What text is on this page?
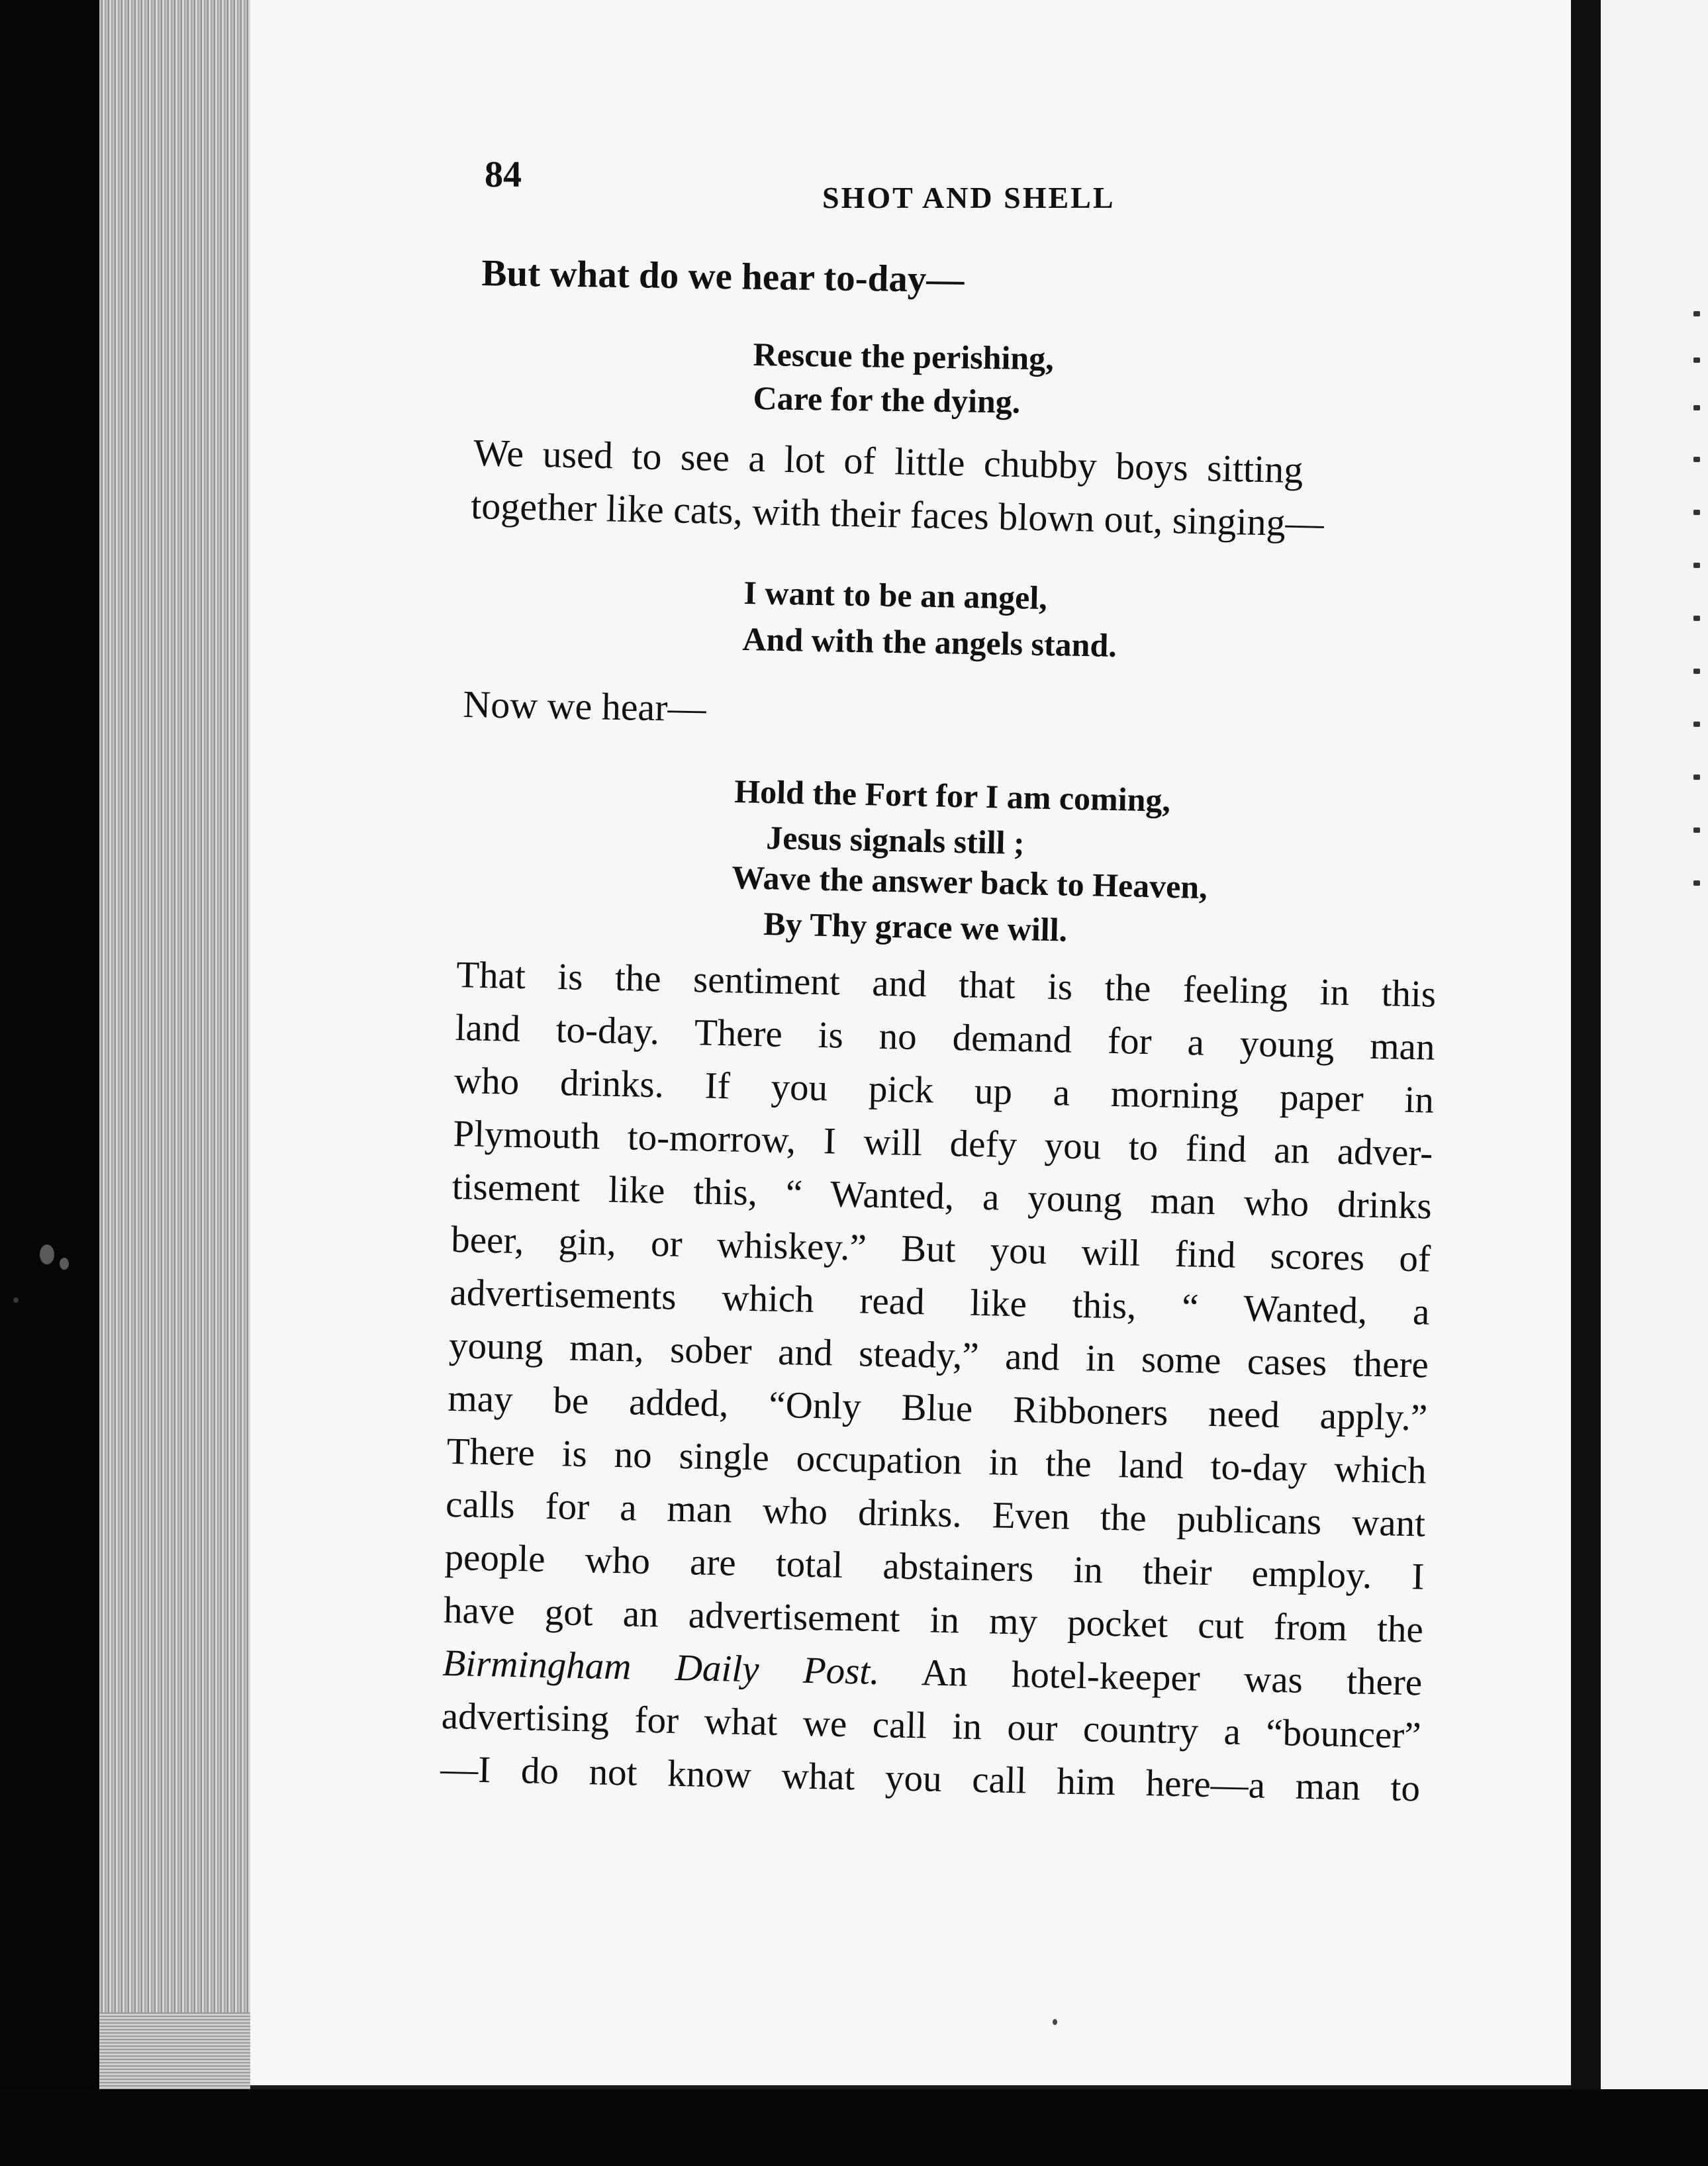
84
SHOT AND SHELL
But what do we hear to-day—
Rescue the perishing,
Care for the dying.
We used to see a lot of little chubby boys sitting
together like cats, with their faces blown out, singing—
I want to be an angel,
And with the angels stand.
Now we hear—
Hold the Fort for I am coming,
Jesus signals still ;
Wave the answer back to Heaven,
By Thy grace we will.
That is the sentiment and that is the feeling in this
land to-day. There is no demand for a young man
who drinks. If you pick up a morning paper in
Plymouth to-morrow, I will defy you to find an adver-
tisement like this, “ Wanted, a young man who drinks
beer, gin, or whiskey.” But you will find scores of
advertisements which read like this, “ Wanted, a
young man, sober and steady,” and in some cases there
may be added, “Only Blue Ribboners need apply.”
There is no single occupation in the land to-day which
calls for a man who drinks. Even the publicans want
people who are total abstainers in their employ. I
have got an advertisement in my pocket cut from the
Birmingham Daily Post. An hotel-keeper was there
advertising for what we call in our country a “bouncer”
—I do not know what you call him here—a man to
